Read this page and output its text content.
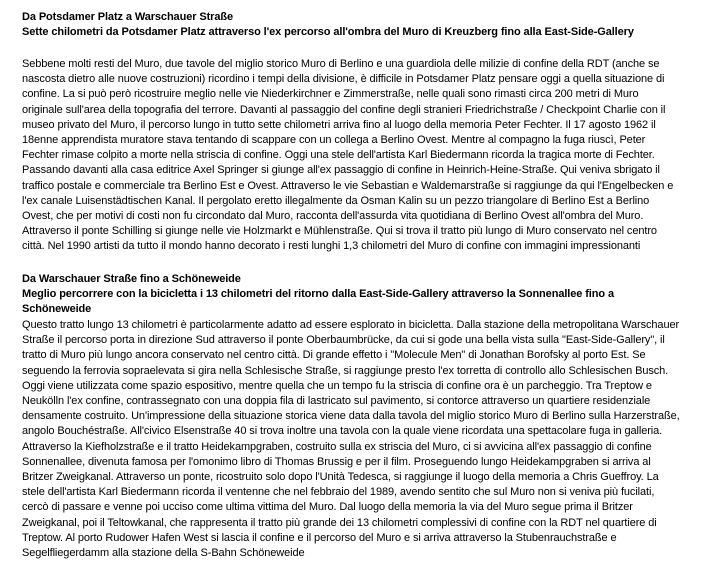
Da Potsdamer Platz a Warschauer Straße

Sette chilometri da Potsdamer Platz attraverso l'ex percorso all'ombra del Muro di Kreuzberg fino alla East-Side-Gallery

Sebbene molti resti del Muro, due tavole del miglio storico Muro di Berlino e una guardiola delle milizie di confine della RDT (anche se nascosta dietro alle nuove costruzioni) ricordino i tempi della divisione, è difficile in Potsdamer Platz pensare oggi a quella situazione di confine. La si può però ricostruire meglio nelle vie Niederkirchner e Zimmerstraße, nelle quali sono rimasti circa 200 metri di Muro originale sull'area della topografia del terrore. Davanti al passaggio del confine degli stranieri Friedrichstraße / Checkpoint Charlie con il museo privato del Muro, il percorso lungo in tutto sette chilometri arriva fino al luogo della memoria Peter Fechter. Il 17 agosto 1962 il 18enne apprendista muratore stava tentando di scappare con un collega a Berlino Ovest. Mentre al compagno la fuga riuscì, Peter Fechter rimase colpito a morte nella striscia di confine. Oggi una stele dell'artista Karl Biedermann ricorda la tragica morte di Fechter. Passando davanti alla casa editrice Axel Springer si giunge all'ex passaggio di confine in Heinrich-Heine-Straße. Qui veniva sbrigato il traffico postale e commerciale tra Berlino Est e Ovest. Attraverso le vie Sebastian e Waldemarstraße si raggiunge da qui l'Engelbecken e l'ex canale Luisenstädtischen Kanal. Il pergolato eretto illegalmente da Osman Kalin su un pezzo triangolare di Berlino Est a Berlino Ovest, che per motivi di costi non fu circondato dal Muro, racconta dell'assurda vita quotidiana di Berlino Ovest all'ombra del Muro. Attraverso il ponte Schilling si giunge nelle vie Holzmarkt e Mühlenstraße. Qui si trova il tratto più lungo di Muro conservato nel centro città. Nel 1990 artisti da tutto il mondo hanno decorato i resti lunghi 1,3 chilometri del Muro di confine con immagini impressionanti

Da Warschauer Straße fino a Schöneweide

Meglio percorrere con la bicicletta i 13 chilometri del ritorno dalla East-Side-Gallery attraverso la Sonnenallee fino a Schöneweide

Questo tratto lungo 13 chilometri è particolarmente adatto ad essere esplorato in bicicletta. Dalla stazione della metropolitana Warschauer Straße il percorso porta in direzione Sud attraverso il ponte Oberbaumbrücke, da cui si gode una bella vista sulla "East-Side-Gallery", il tratto di Muro più lungo ancora conservato nel centro città. Di grande effetto i "Molecule Men" di Jonathan Borofsky al porto Est. Se seguendo la ferrovia sopraelevata si gira nella Schlesische Straße, si raggiunge presto l'ex torretta di controllo allo Schlesischen Busch. Oggi viene utilizzata come spazio espositivo, mentre quella che un tempo fu la striscia di confine ora è un parcheggio. Tra Treptow e Neukölln l'ex confine, contrassegnato con una doppia fila di lastricato sul pavimento, si contorce attraverso un quartiere residenziale densamente costruito. Un'impressione della situazione storica viene data dalla tavola del miglio storico Muro di Berlino sulla Harzerstraße, angolo Bouchéstraße. All'civico Elsenstraße 40 si trova inoltre una tavola con la quale viene ricordata una spettacolare fuga in galleria. Attraverso la Kiefholzstraße e il tratto Heidekampgraben, costruito sulla ex striscia del Muro, ci si avvicina all'ex passaggio di confine Sonnenallee, divenuta famosa per l'omonimo libro di Thomas Brussig e per il film. Proseguendo lungo Heidekampgraben si arriva al Britzer Zweigkanal. Attraverso un ponte, ricostruito solo dopo l'Unità Tedesca, si raggiunge il luogo della memoria a Chris Gueffroy. La stele dell'artista Karl Biedermann ricorda il ventenne che nel febbraio del 1989, avendo sentito che sul Muro non si veniva più fucilati, cercò di passare e venne poi ucciso come ultima vittima del Muro. Dal luogo della memoria la via del Muro segue prima il Britzer Zweigkanal, poi il Teltowkanal, che rappresenta il tratto più grande dei 13 chilometri complessivi di confine con la RDT nel quartiere di Treptow. Al porto Rudower Hafen West si lascia il confine e il percorso del Muro e si arriva attraverso la Stubenrauchstraße e Segelfliegerdamm alla stazione della S-Bahn Schöneweide
